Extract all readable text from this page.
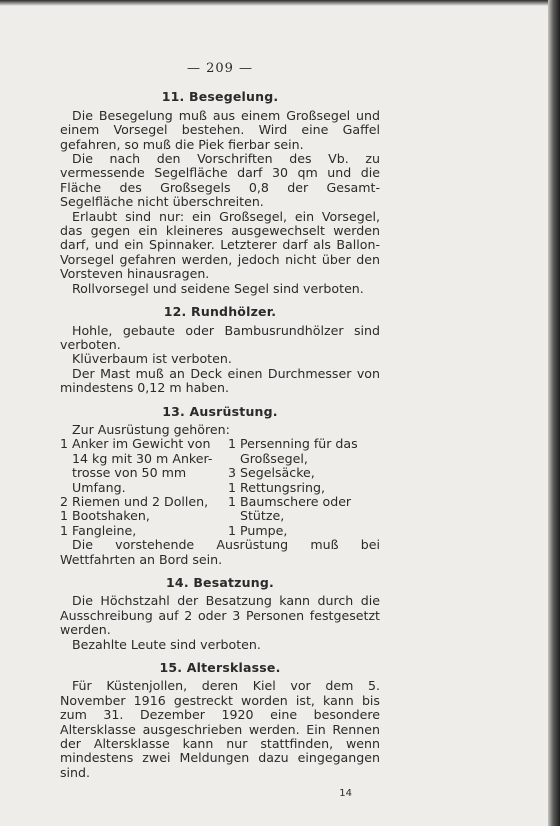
— 209 —
11. Besegelung.

Die Besegelung muß aus einem Großsegel und einem Vorsegel bestehen. Wird eine Gaffel gefahren, so muß die Piek fierbar sein.

Die nach den Vorschriften des Vb. zu vermessende Segelfläche darf 30 qm und die Fläche des Großsegels 0,8 der Gesamt-Segelfläche nicht überschreiten.

Erlaubt sind nur: ein Großsegel, ein Vorsegel, das gegen ein kleineres ausgewechselt werden darf, und ein Spinnaker. Letzterer darf als Ballon-Vorsegel gefahren werden, jedoch nicht über den Vorsteven hinausragen.

Rollvorsegel und seidene Segel sind verboten.

12. Rundhölzer.

Hohle, gebaute oder Bambusrundhölzer sind verboten.

Klüverbaum ist verboten.

Der Mast muß an Deck einen Durchmesser von mindestens 0,12 m haben.

13. Ausrüstung.

Zur Ausrüstung gehören:

1 Anker im Gewicht von	1 Persenning für das
14 kg mit 30 m Anker-	Großsegel,
trosse von 50 mm	3 Segelsäcke,
Umfang.	1 Rettungsring,
2 Riemen und 2 Dollen,	1 Baumschere oder
1 Bootshaken,	Stütze,
1 Fangleine,	1 Pumpe,

Die vorstehende Ausrüstung muß bei Wettfahrten an Bord sein.

14. Besatzung.

Die Höchstzahl der Besatzung kann durch die Ausschreibung auf 2 oder 3 Personen festgesetzt werden.

Bezahlte Leute sind verboten.

15. Altersklasse.

Für Küstenjollen, deren Kiel vor dem 5. November 1916 gestreckt worden ist, kann bis zum 31. Dezember 1920 eine besondere Altersklasse ausgeschrieben werden. Ein Rennen der Altersklasse kann nur stattfinden, wenn mindestens zwei Meldungen dazu eingegangen sind.

14
